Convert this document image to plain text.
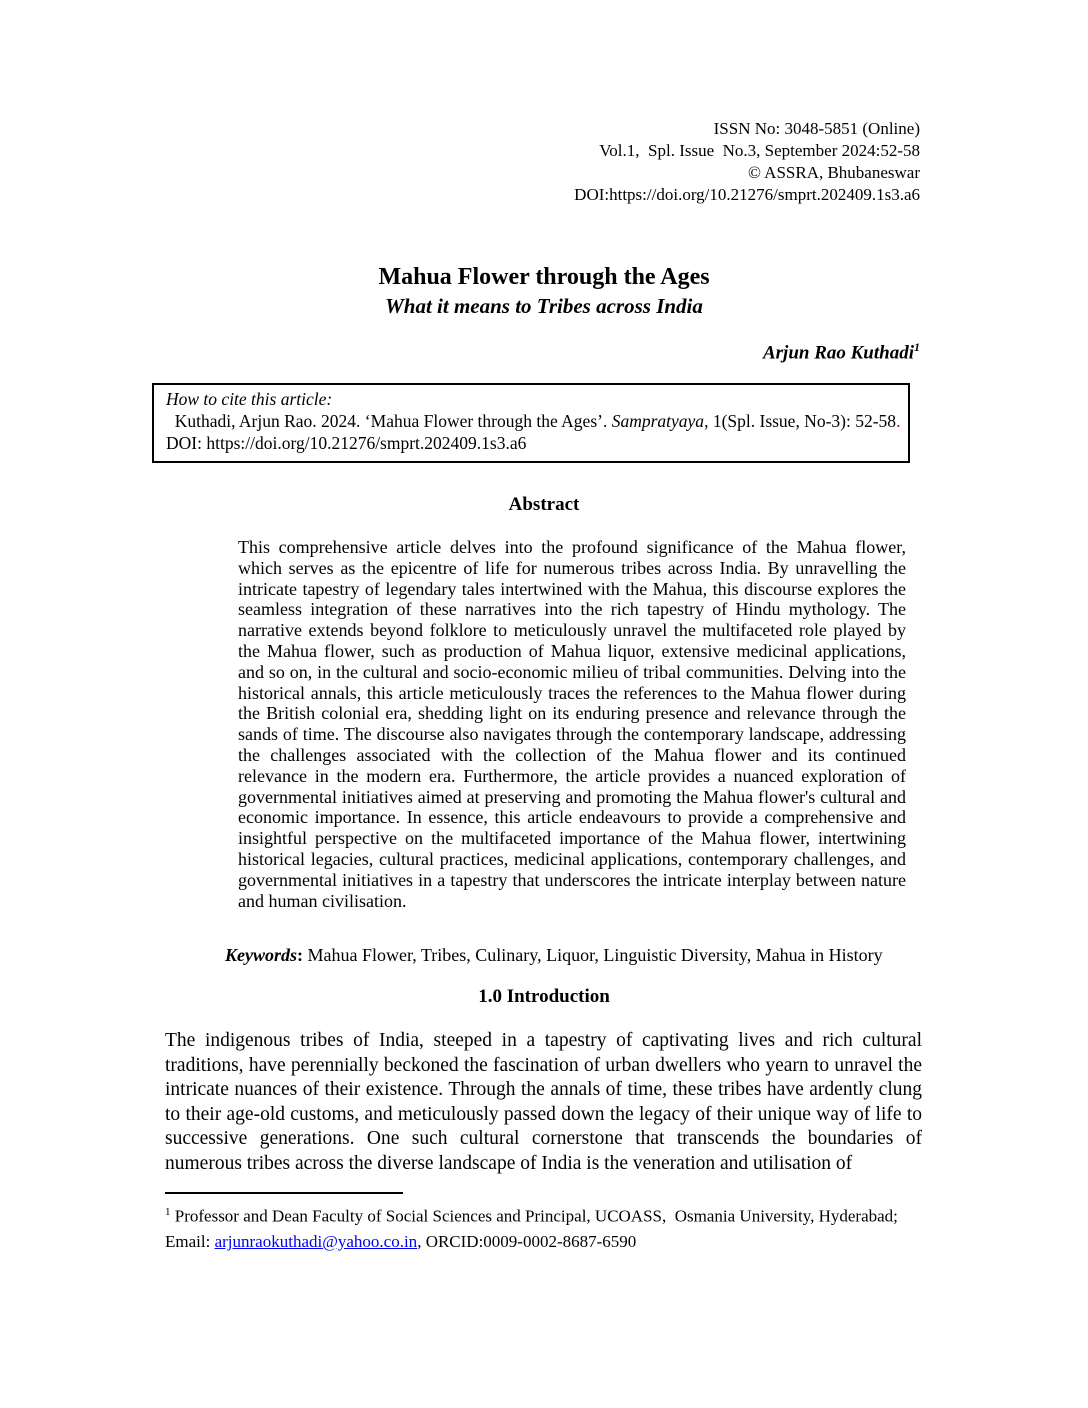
ISSN No: 3048-5851 (Online)
Vol.1,  Spl. Issue  No.3, September 2024:52-58
© ASSRA, Bhubaneswar
DOI:https://doi.org/10.21276/smprt.202409.1s3.a6
Mahua Flower through the Ages
What it means to Tribes across India
Arjun Rao Kuthadi$^1$
How to cite this article:
Kuthadi, Arjun Rao. 2024. ‘Mahua Flower through the Ages’. Sampratyaya, 1(Spl. Issue, No-3): 52-58. DOI: https://doi.org/10.21276/smprt.202409.1s3.a6
Abstract
This comprehensive article delves into the profound significance of the Mahua flower, which serves as the epicentre of life for numerous tribes across India. By unravelling the intricate tapestry of legendary tales intertwined with the Mahua, this discourse explores the seamless integration of these narratives into the rich tapestry of Hindu mythology. The narrative extends beyond folklore to meticulously unravel the multifaceted role played by the Mahua flower, such as production of Mahua liquor, extensive medicinal applications, and so on, in the cultural and socio-economic milieu of tribal communities. Delving into the historical annals, this article meticulously traces the references to the Mahua flower during the British colonial era, shedding light on its enduring presence and relevance through the sands of time. The discourse also navigates through the contemporary landscape, addressing the challenges associated with the collection of the Mahua flower and its continued relevance in the modern era. Furthermore, the article provides a nuanced exploration of governmental initiatives aimed at preserving and promoting the Mahua flower's cultural and economic importance. In essence, this article endeavours to provide a comprehensive and insightful perspective on the multifaceted importance of the Mahua flower, intertwining historical legacies, cultural practices, medicinal applications, contemporary challenges, and governmental initiatives in a tapestry that underscores the intricate interplay between nature and human civilisation.
Keywords: Mahua Flower, Tribes, Culinary, Liquor, Linguistic Diversity, Mahua in History
1.0 Introduction
The indigenous tribes of India, steeped in a tapestry of captivating lives and rich cultural traditions, have perennially beckoned the fascination of urban dwellers who yearn to unravel the intricate nuances of their existence. Through the annals of time, these tribes have ardently clung to their age-old customs, and meticulously passed down the legacy of their unique way of life to successive generations. One such cultural cornerstone that transcends the boundaries of numerous tribes across the diverse landscape of India is the veneration and utilisation of
$^1$ Professor and Dean Faculty of Social Sciences and Principal, UCOASS,  Osmania University, Hyderabad;
Email: arjunraokuthadi@yahoo.co.in, ORCID:0009-0002-8687-6590
